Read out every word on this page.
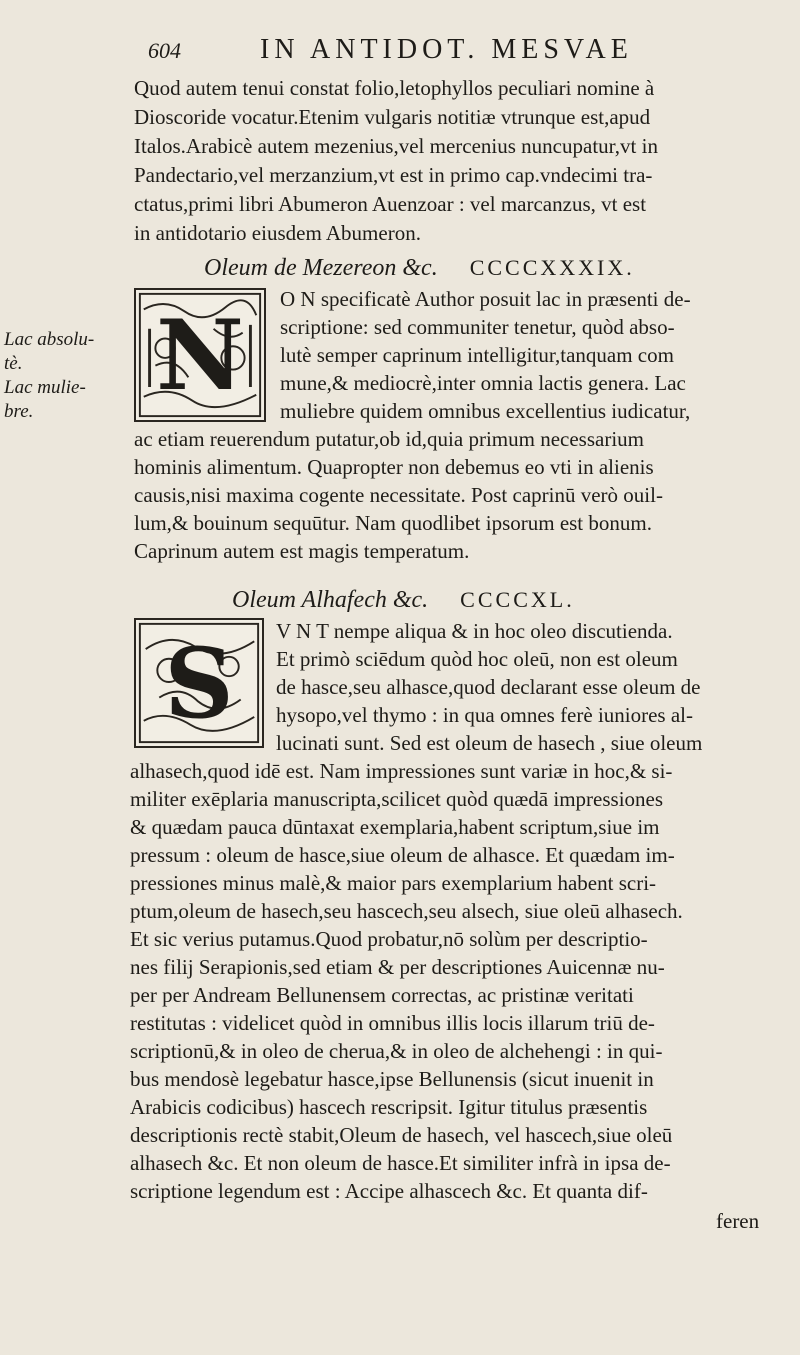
604	IN ANTIDOT. MESVAE
Quod autem tenui constat folio,letophyllos peculiari nomine à
Dioscoride vocatur.Etenim vulgaris notitiæ vtrunque est,apud
Italos.Arabicè autem mezenius,vel mercenius nuncupatur,vt in
Pandectario,vel merzanzium,vt est in primo cap.vndecimi tra-
ctatus,primi libri Abumeron Auenzoar : vel marcanzus, vt est
in antidotario eiusdem Abumeron.
Oleum de Mezereon &c. CCCCXXXIX.
Lac absolu-
tè.
Lac mulie-
bre. N	O N specificatè Author posuit lac in præsenti de-
scriptione: sed communiter tenetur, quòd abso-
lutè semper caprinum intelligitur,tanquam com
mune,& mediocrè,inter omnia lactis genera. Lac
muliebre quidem omnibus excellentius iudicatur,
ac etiam reuerendum putatur,ob id,quia primum necessarium
hominis alimentum. Quapropter non debemus eo vti in alienis
causis,nisi maxima cogente necessitate. Post caprinū verò ouil-
lum,& bouinum sequūtur. Nam quodlibet ipsorum est bonum.
Caprinum autem est magis temperatum.
Oleum Alhafech &c. CCCCXL.
S	V N T nempe aliqua & in hoc oleo discutienda.
Et primò sciēdum quòd hoc oleū, non est oleum
de hasce,seu alhasce,quod declarant esse oleum de
hysopo,vel thymo : in qua omnes ferè iuniores al-
lucinati sunt. Sed est oleum de hasech , siue oleum
alhasech,quod idē est. Nam impressiones sunt variæ in hoc,& si-
militer exēplaria manuscripta,scilicet quòd quædā impressiones
& quædam pauca dūntaxat exemplaria,habent scriptum,siue im
pressum : oleum de hasce,siue oleum de alhasce. Et quædam im-
pressiones minus malè,& maior pars exemplarium habent scri-
ptum,oleum de hasech,seu hascech,seu alsech, siue oleū alhasech.
Et sic verius putamus.Quod probatur,nō solùm per descriptio-
nes filij Serapionis,sed etiam & per descriptiones Auicennæ nu-
per per Andream Bellunensem correctas, ac pristinæ veritati
restitutas : videlicet quòd in omnibus illis locis illarum triū de-
scriptionū,& in oleo de cherua,& in oleo de alchehengi : in qui-
bus mendosè legebatur hasce,ipse Bellunensis (sicut inuenit in
Arabicis codicibus) hascech rescripsit. Igitur titulus præsentis
descriptionis rectè stabit,Oleum de hasech, vel hascech,siue oleū
alhasech &c. Et non oleum de hasce.Et similiter infrà in ipsa de-
scriptione legendum est : Accipe alhascech &c. Et quanta dif-
feren
